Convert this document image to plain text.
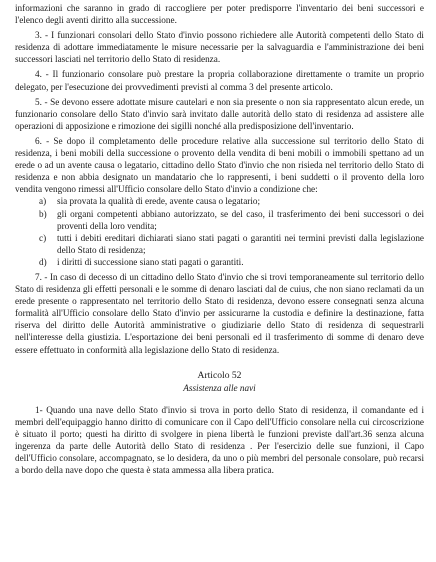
informazioni che saranno in grado di raccogliere per poter predisporre l'inventario dei beni successori e l'elenco degli aventi diritto alla successione.

3. - I funzionari consolari dello Stato d'invio possono richiedere alle Autorità competenti dello Stato di residenza di adottare immediatamente le misure necessarie per la salvaguardia e l'amministrazione dei beni successori lasciati nel territorio dello Stato di residenza.

4. - Il funzionario consolare può prestare la propria collaborazione direttamente o tramite un proprio delegato, per l'esecuzione dei provvedimenti previsti al comma 3 del presente articolo.

5. - Se devono essere adottate misure cautelari e non sia presente o non sia rappresentato alcun erede, un funzionario consolare dello Stato d'invio sarà invitato dalle autorità dello stato di residenza ad assistere alle operazioni di apposizione e rimozione dei sigilli nonché alla predisposizione dell'inventario.

6. - Se dopo il completamento delle procedure relative alla successione sul territorio dello Stato di residenza, i beni mobili della successione o provento della vendita di beni mobili o immobili spettano ad un erede o ad un avente causa o legatario, cittadino dello Stato d'invio che non risieda nel territorio dello Stato di residenza e non abbia designato un mandatario che lo rappresenti, i beni suddetti o il provento della loro vendita vengono rimessi all'Ufficio consolare dello Stato d'invio a condizione che:

a) sia provata la qualità di erede, avente causa o legatario;
b) gli organi competenti abbiano autorizzato, se del caso, il trasferimento dei beni successori o dei proventi della loro vendita;
c) tutti i debiti ereditari dichiarati siano stati pagati o garantiti nei termini previsti dalla legislazione dello Stato di residenza;
d) i diritti di successione siano stati pagati o garantiti.

7. - In caso di decesso di un cittadino dello Stato d'invio che si trovi temporaneamente sul territorio dello Stato di residenza gli effetti personali e le somme di denaro lasciati dal de cuius, che non siano reclamati da un erede presente o rappresentato nel territorio dello Stato di residenza, devono essere consegnati senza alcuna formalità all'Ufficio consolare dello Stato d'invio per assicurarne la custodia e definire la destinazione, fatta riserva del diritto delle Autorità amministrative o giudiziarie dello Stato di residenza di sequestrarli nell'interesse della giustizia. L'esportazione dei beni personali ed il trasferimento di somme di denaro deve essere effettuato in conformità alla legislazione dello Stato di residenza.

Articolo 52
Assistenza alle navi

1- Quando una nave dello Stato d'invio si trova in porto dello Stato di residenza, il comandante ed i membri dell'equipaggio hanno diritto di comunicare con il Capo dell'Ufficio consolare nella cui circoscrizione è situato il porto; questi ha diritto di svolgere in piena libertà le funzioni previste dall'art.36 senza alcuna ingerenza da parte delle Autorità dello Stato di residenza . Per l'esercizio delle sue funzioni, il Capo dell'Ufficio consolare, accompagnato, se lo desidera, da uno o più membri del personale consolare, può recarsi a bordo della nave dopo che questa è stata ammessa alla libera pratica.
